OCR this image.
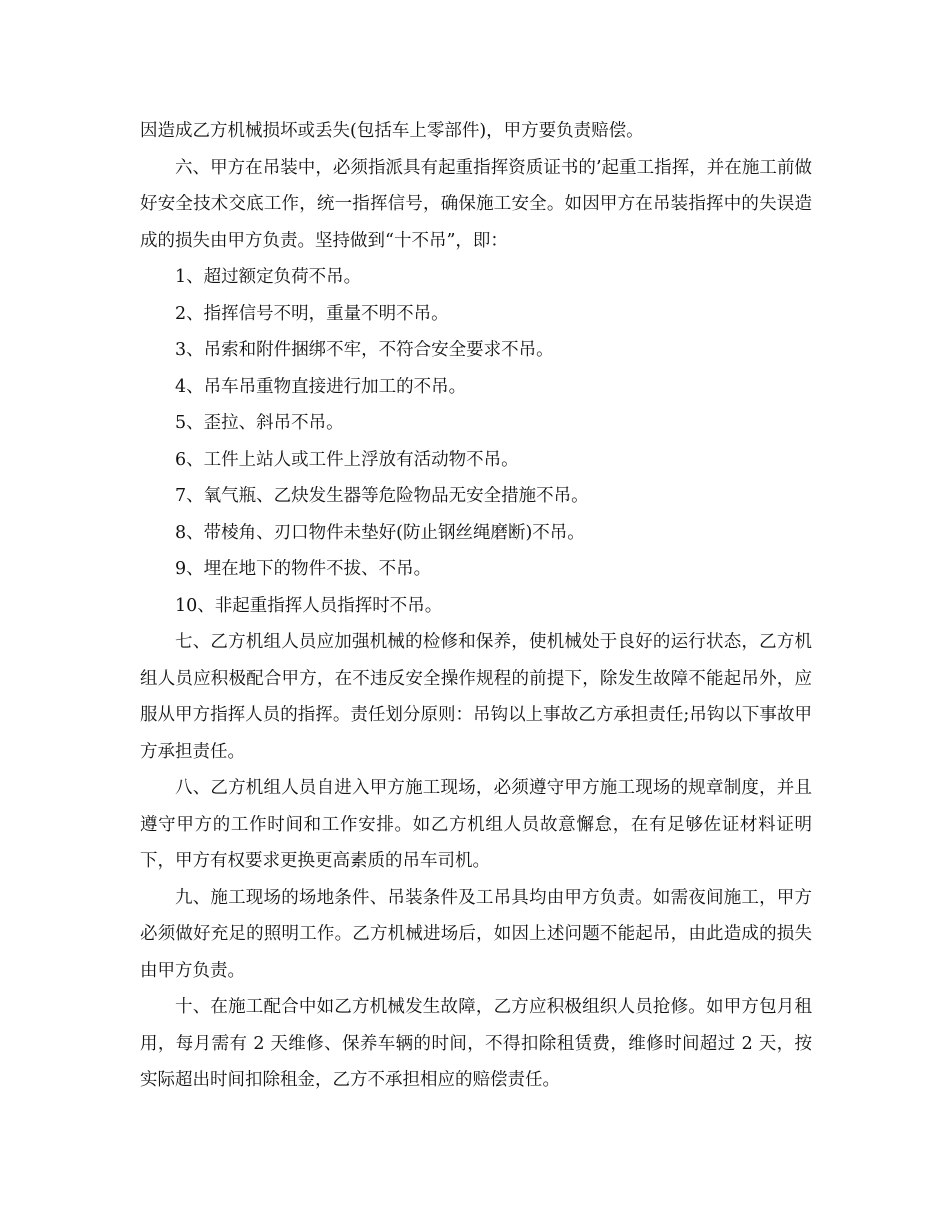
因造成乙方机械损坏或丢失(包括车上零部件)，甲方要负责赔偿。

六、甲方在吊装中，必须指派具有起重指挥资质证书的’起重工指挥，并在施工前做好安全技术交底工作，统一指挥信号，确保施工安全。如因甲方在吊装指挥中的失误造成的损失由甲方负责。坚持做到“十不吊”，即：

1、超过额定负荷不吊。

2、指挥信号不明，重量不明不吊。

3、吊索和附件捆绑不牢，不符合安全要求不吊。

4、吊车吊重物直接进行加工的不吊。

5、歪拉、斜吊不吊。

6、工件上站人或工件上浮放有活动物不吊。

7、氧气瓶、乙炔发生器等危险物品无安全措施不吊。

8、带棱角、刃口物件未垫好(防止钢丝绳磨断)不吊。

9、埋在地下的物件不拔、不吊。

10、非起重指挥人员指挥时不吊。

七、乙方机组人员应加强机械的检修和保养，使机械处于良好的运行状态，乙方机组人员应积极配合甲方，在不违反安全操作规程的前提下，除发生故障不能起吊外，应服从甲方指挥人员的指挥。责任划分原则：吊钩以上事故乙方承担责任;吊钩以下事故甲方承担责任。

八、乙方机组人员自进入甲方施工现场，必须遵守甲方施工现场的规章制度，并且遵守甲方的工作时间和工作安排。如乙方机组人员故意懈怠，在有足够佐证材料证明下，甲方有权要求更换更高素质的吊车司机。

九、施工现场的场地条件、吊装条件及工吊具均由甲方负责。如需夜间施工，甲方必须做好充足的照明工作。乙方机械进场后，如因上述问题不能起吊，由此造成的损失由甲方负责。

十、在施工配合中如乙方机械发生故障，乙方应积极组织人员抢修。如甲方包月租用，每月需有 2 天维修、保养车辆的时间，不得扣除租赁费，维修时间超过 2 天，按实际超出时间扣除租金，乙方不承担相应的赔偿责任。
